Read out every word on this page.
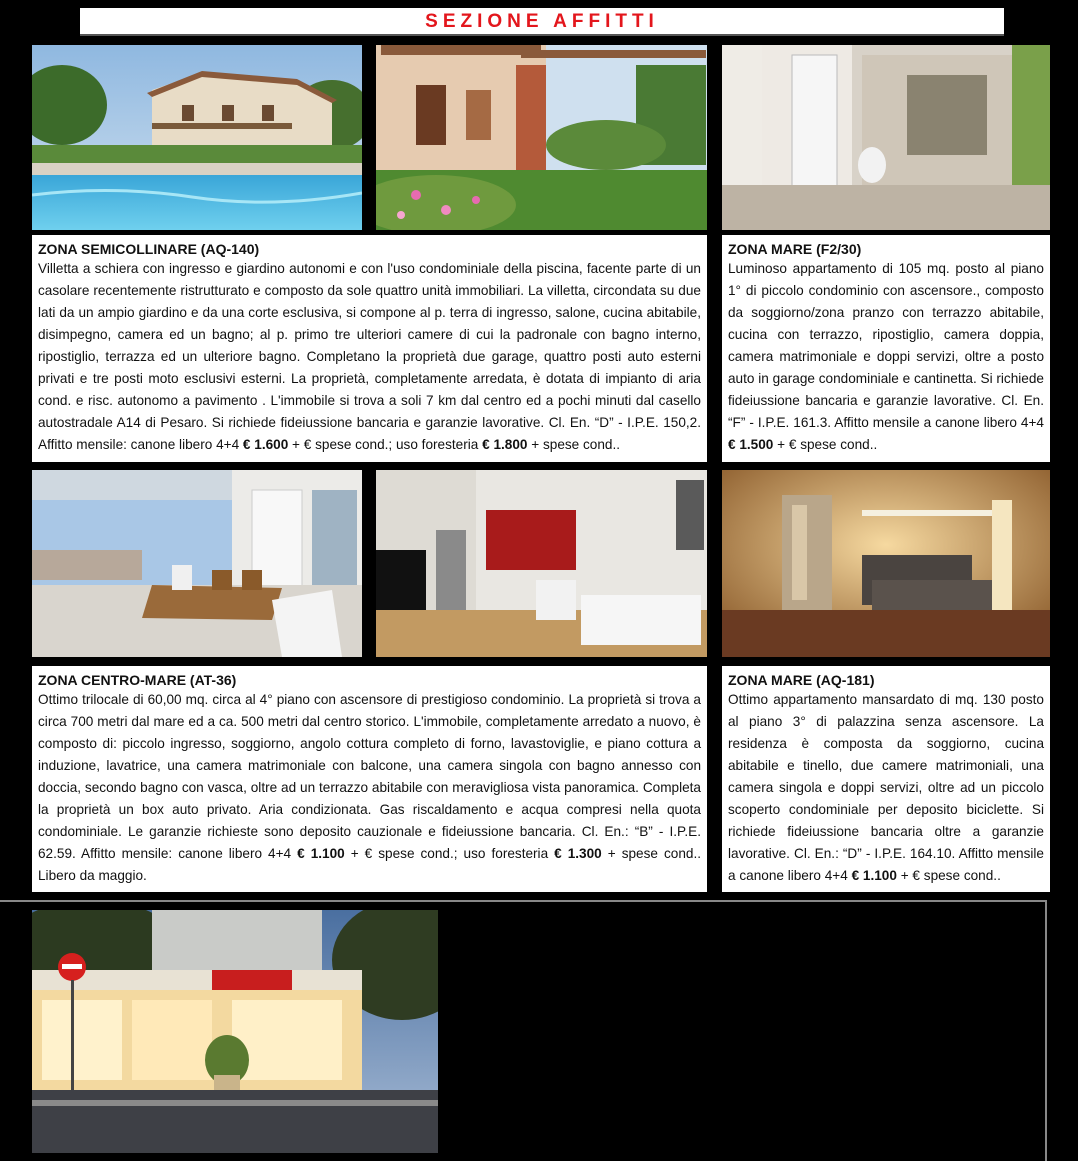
SEZIONE AFFITTI
ZONA SEMICOLLINARE (AQ-140)

Villetta a schiera con ingresso e giardino autonomi e con l'uso condominiale della piscina, facente parte di un casolare recentemente ristrutturato e composto da sole quattro unità immobiliari. La villetta, circondata su due lati da un ampio giardino e da una corte esclusiva, si compone al p. terra di ingresso, salone, cucina abitabile, disimpegno, camera ed un bagno; al p. primo tre ulteriori camere di cui la padronale con bagno interno, ripostiglio, terrazza ed un ulteriore bagno. Completano la proprietà due garage, quattro posti auto esterni privati e tre posti moto esclusivi esterni. La proprietà, completamente arredata, è dotata di impianto di aria cond. e risc. autonomo a pavimento . L'immobile si trova a soli 7 km dal centro ed a pochi minuti dal casello autostradale A14 di Pesaro. Si richiede fideiussione bancaria e garanzie lavorative. Cl. En. “D” - I.P.E. 150,2. Affitto mensile: canone libero 4+4 € 1.600 + € spese cond.; uso foresteria € 1.800 + spese cond..

ZONA MARE (F2/30)

Luminoso appartamento di 105 mq. posto al piano 1° di piccolo condominio con ascensore., composto da soggiorno/zona pranzo con terrazzo abitabile, cucina con terrazzo, ripostiglio, camera doppia, camera matrimoniale e doppi servizi, oltre a posto auto in garage condominiale e cantinetta. Si richiede fideiussione bancaria e garanzie lavorative. Cl. En. “F” - I.P.E. 161.3. Affitto mensile a canone libero 4+4 € 1.500 + € spese cond..

ZONA CENTRO-MARE (AT-36)

Ottimo trilocale di 60,00 mq. circa al 4° piano con ascensore di prestigioso condominio. La proprietà si trova a circa 700 metri dal mare ed a ca. 500 metri dal centro storico. L'immobile, completamente arredato a nuovo, è composto di: piccolo ingresso, soggiorno, angolo cottura completo di forno, lavastoviglie, e piano cottura a induzione, lavatrice, una camera matrimoniale con balcone, una camera singola con bagno annesso con doccia, secondo bagno con vasca, oltre ad un terrazzo abitabile con meravigliosa vista panoramica. Completa la proprietà un box auto privato. Aria condizionata. Gas riscaldamento e acqua compresi nella quota condominiale. Le garanzie richieste sono deposito cauzionale e fideiussione bancaria. Cl. En.: “B” - I.P.E. 62.59. Affitto mensile: canone libero 4+4 € 1.100 + € spese cond.; uso foresteria € 1.300 + spese cond.. Libero da maggio.

ZONA MARE (AQ-181)

Ottimo appartamento mansardato di mq. 130 posto al piano 3° di palazzina senza ascensore. La residenza è composta da soggiorno, cucina abitabile e tinello, due camere matrimoniali, una camera singola e doppi servizi, oltre ad un piccolo scoperto condominiale per deposito biciclette. Si richiede fideiussione bancaria oltre a garanzie lavorative. Cl. En.: “D” - I.P.E. 164.10. Affitto mensile a canone libero 4+4 € 1.100 + € spese cond..
